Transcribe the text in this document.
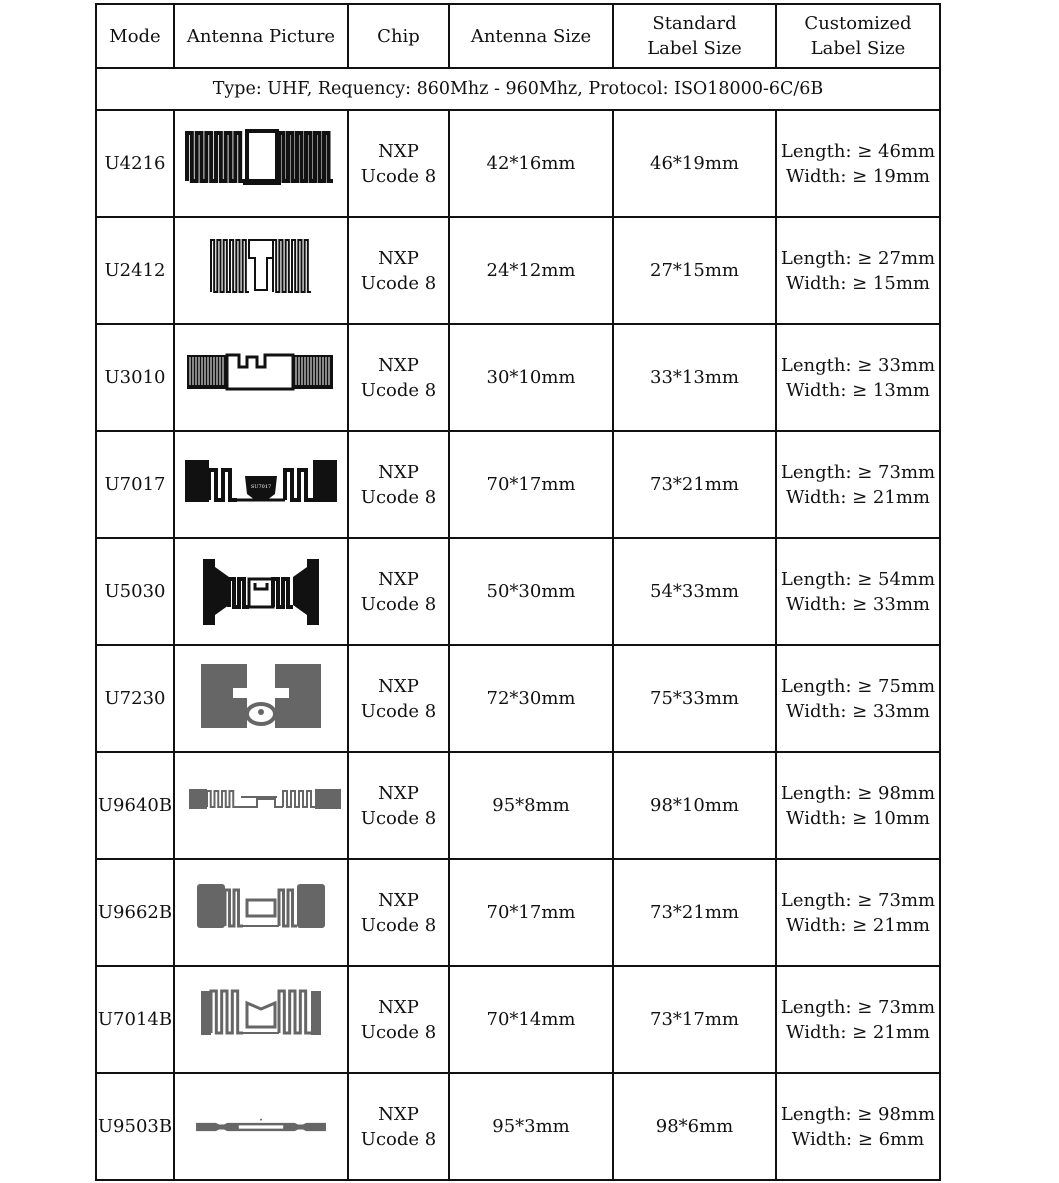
Mode	Antenna Picture	Chip	Antenna Size	Standard
Label Size	Customized
Label Size

Type: UHF, Requency: 860Mhz - 960Mhz, Protocol: ISO18000-6C/6B					
U4216		NXP
Ucode 8	42*16mm	46*19mm	Length: ≥ 46mm
Width: ≥ 19mm

U2412		NXP
Ucode 8	24*12mm	27*15mm	Length: ≥ 27mm
Width: ≥ 15mm

U3010		NXP
Ucode 8	30*10mm	33*13mm	Length: ≥ 33mm
Width: ≥ 13mm

U7017	SU7017	NXP
Ucode 8	70*17mm	73*21mm	Length: ≥ 73mm
Width: ≥ 21mm

U5030		NXP
Ucode 8	50*30mm	54*33mm	Length: ≥ 54mm
Width: ≥ 33mm

U7230		NXP
Ucode 8	72*30mm	75*33mm	Length: ≥ 75mm
Width: ≥ 33mm

U9640B		NXP
Ucode 8	95*8mm	98*10mm	Length: ≥ 98mm
Width: ≥ 10mm

U9662B		NXP
Ucode 8	70*17mm	73*21mm	Length: ≥ 73mm
Width: ≥ 21mm

U7014B		NXP
Ucode 8	70*14mm	73*17mm	Length: ≥ 73mm
Width: ≥ 21mm

U9503B		NXP
Ucode 8	95*3mm	98*6mm	Length: ≥ 98mm
Width: ≥ 6mm
